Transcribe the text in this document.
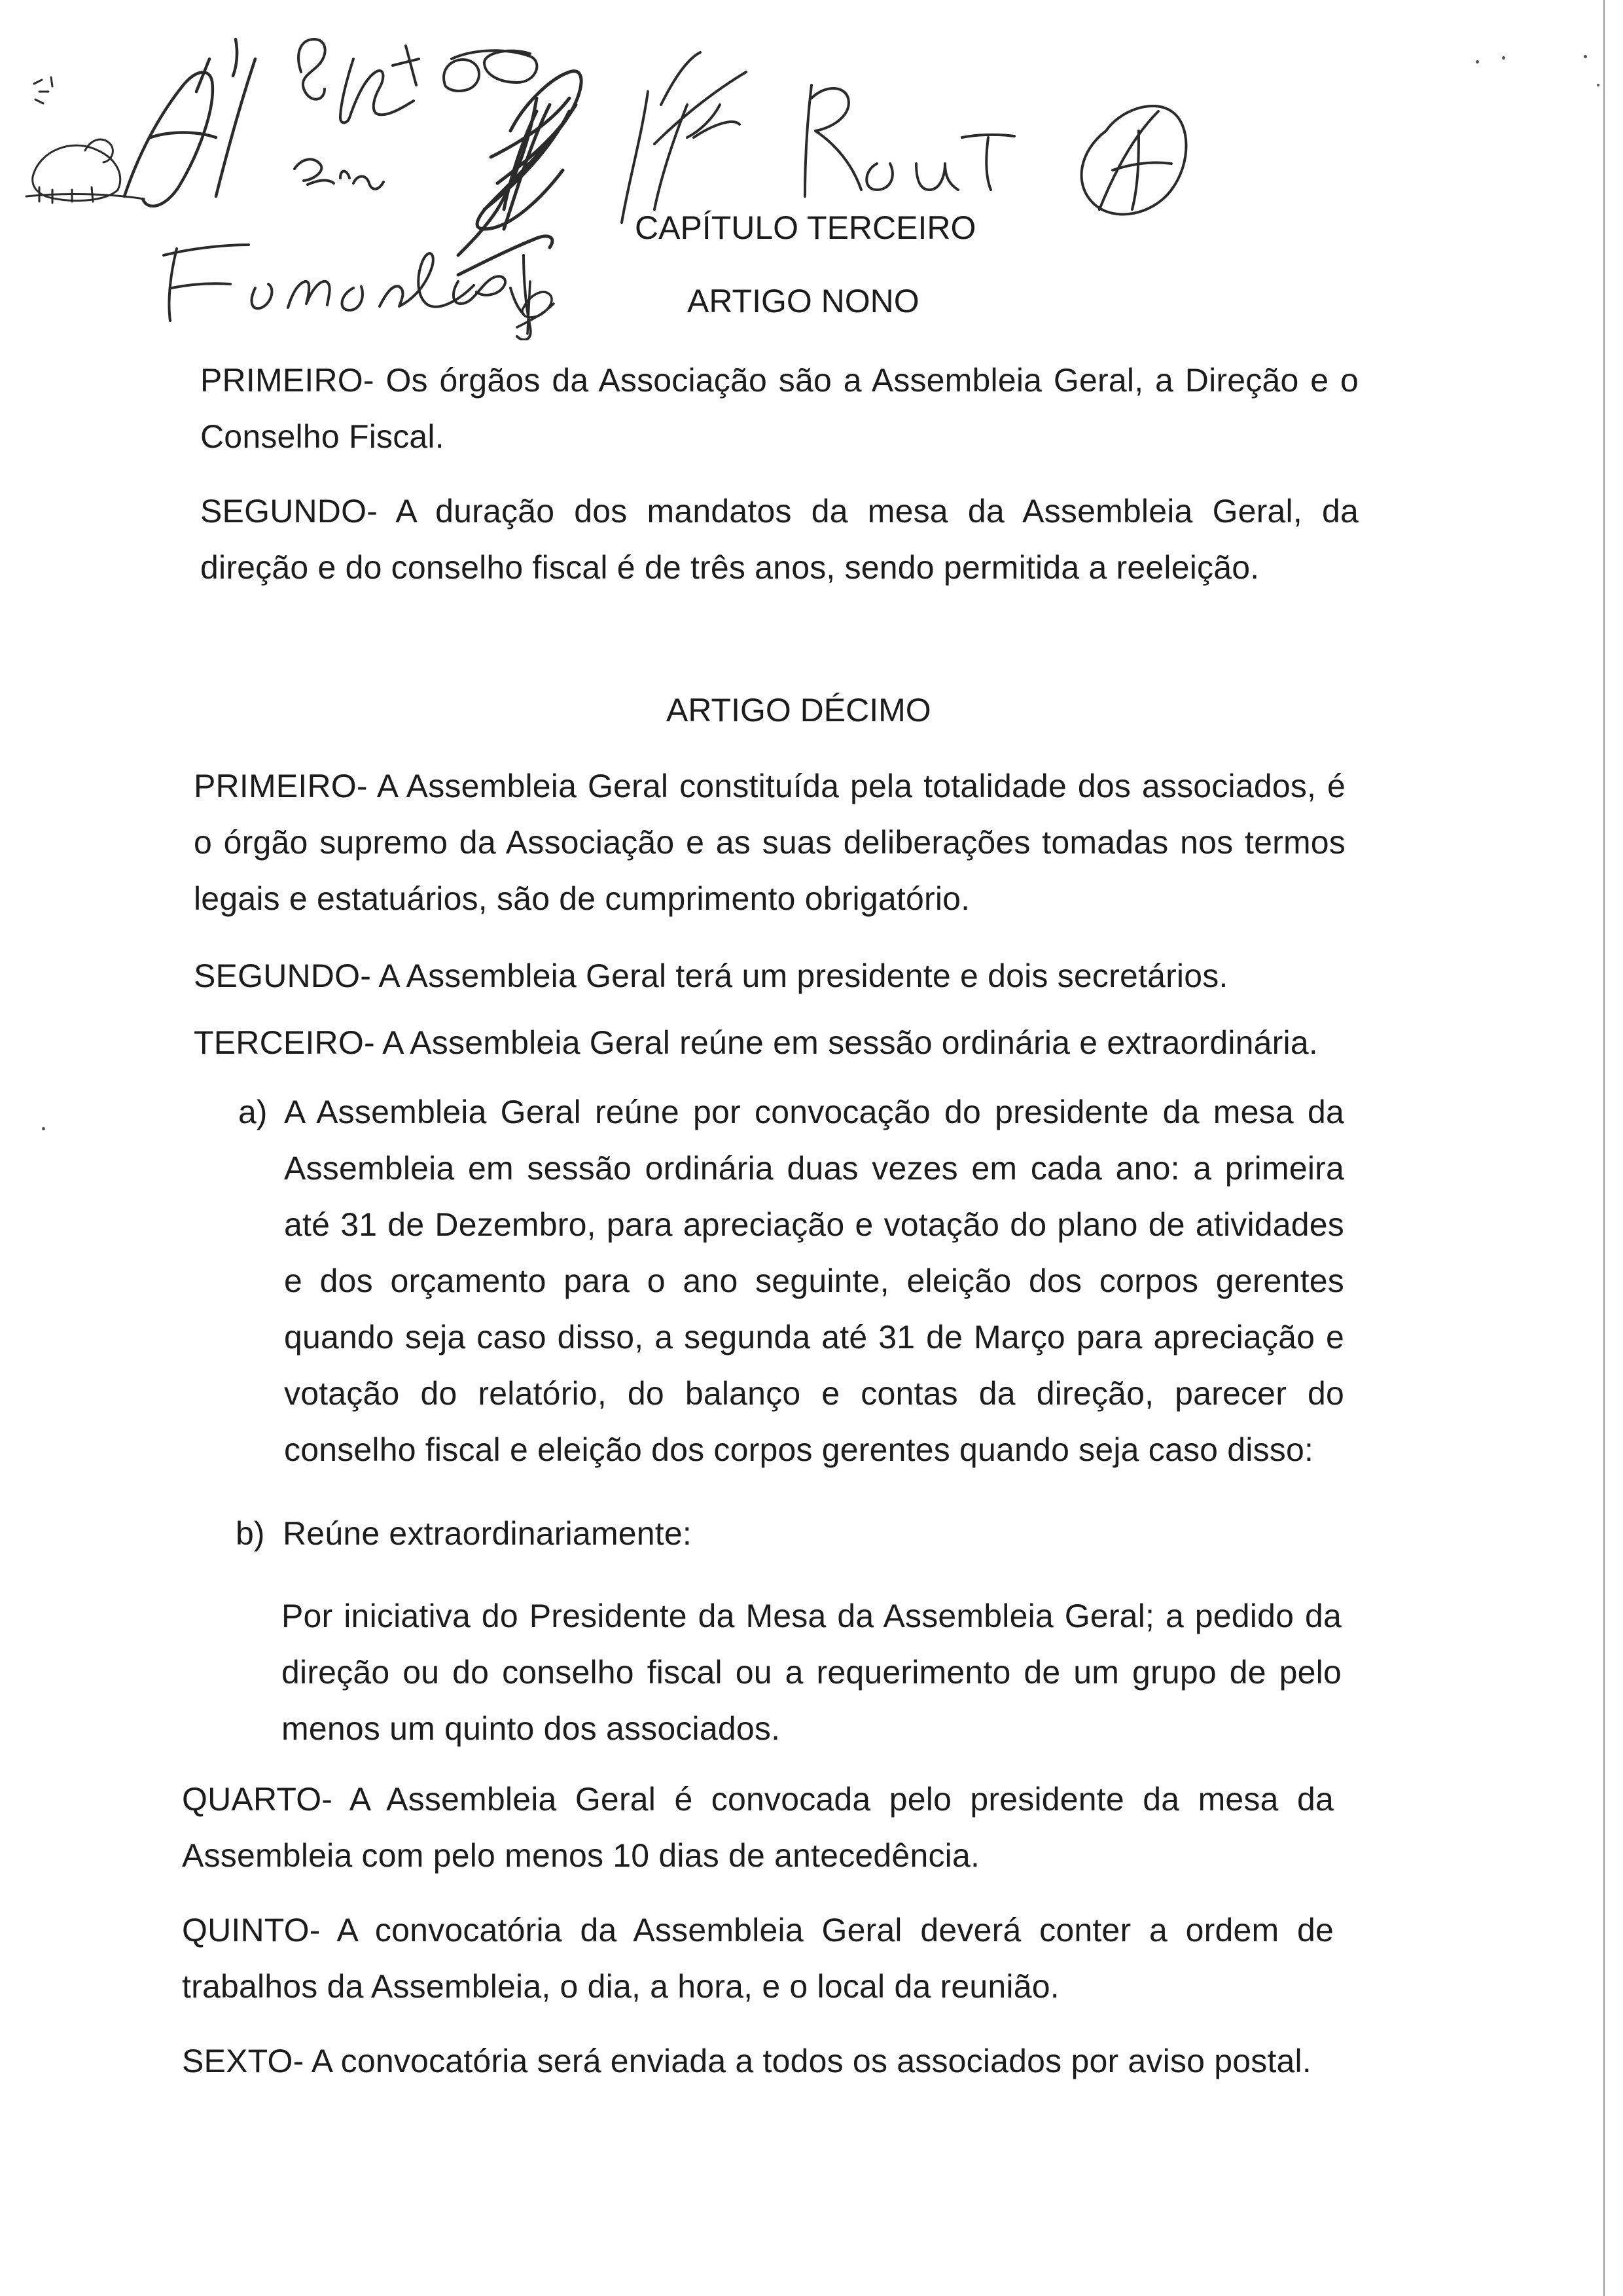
CAPÍTULO TERCEIRO
ARTIGO NONO

PRIMEIRO- Os órgãos da Associação são a Assembleia Geral, a Direção e o Conselho Fiscal.

SEGUNDO- A duração dos mandatos da mesa da Assembleia Geral, da direção e do conselho fiscal é de três anos, sendo permitida a reeleição.

ARTIGO DÉCIMO

PRIMEIRO- A Assembleia Geral constituída pela totalidade dos associados, é o órgão supremo da Associação e as suas deliberações tomadas nos termos legais e estatuários, são de cumprimento obrigatório.

SEGUNDO- A Assembleia Geral terá um presidente e dois secretários.

TERCEIRO- A Assembleia Geral reúne em sessão ordinária e extraordinária.

a) A Assembleia Geral reúne por convocação do presidente da mesa da Assembleia em sessão ordinária duas vezes em cada ano: a primeira até 31 de Dezembro, para apreciação e votação do plano de atividades e dos orçamento para o ano seguinte, eleição dos corpos gerentes quando seja caso disso, a segunda até 31 de Março para apreciação e votação do relatório, do balanço e contas da direção, parecer do conselho fiscal e eleição dos corpos gerentes quando seja caso disso:

b) Reúne extraordinariamente:

Por iniciativa do Presidente da Mesa da Assembleia Geral; a pedido da direção ou do conselho fiscal ou a requerimento de um grupo de pelo menos um quinto dos associados.

QUARTO- A Assembleia Geral é convocada pelo presidente da mesa da Assembleia com pelo menos 10 dias de antecedência.

QUINTO- A convocatória da Assembleia Geral deverá conter a ordem de trabalhos da Assembleia, o dia, a hora, e o local da reunião.

SEXTO- A convocatória será enviada a todos os associados por aviso postal.
